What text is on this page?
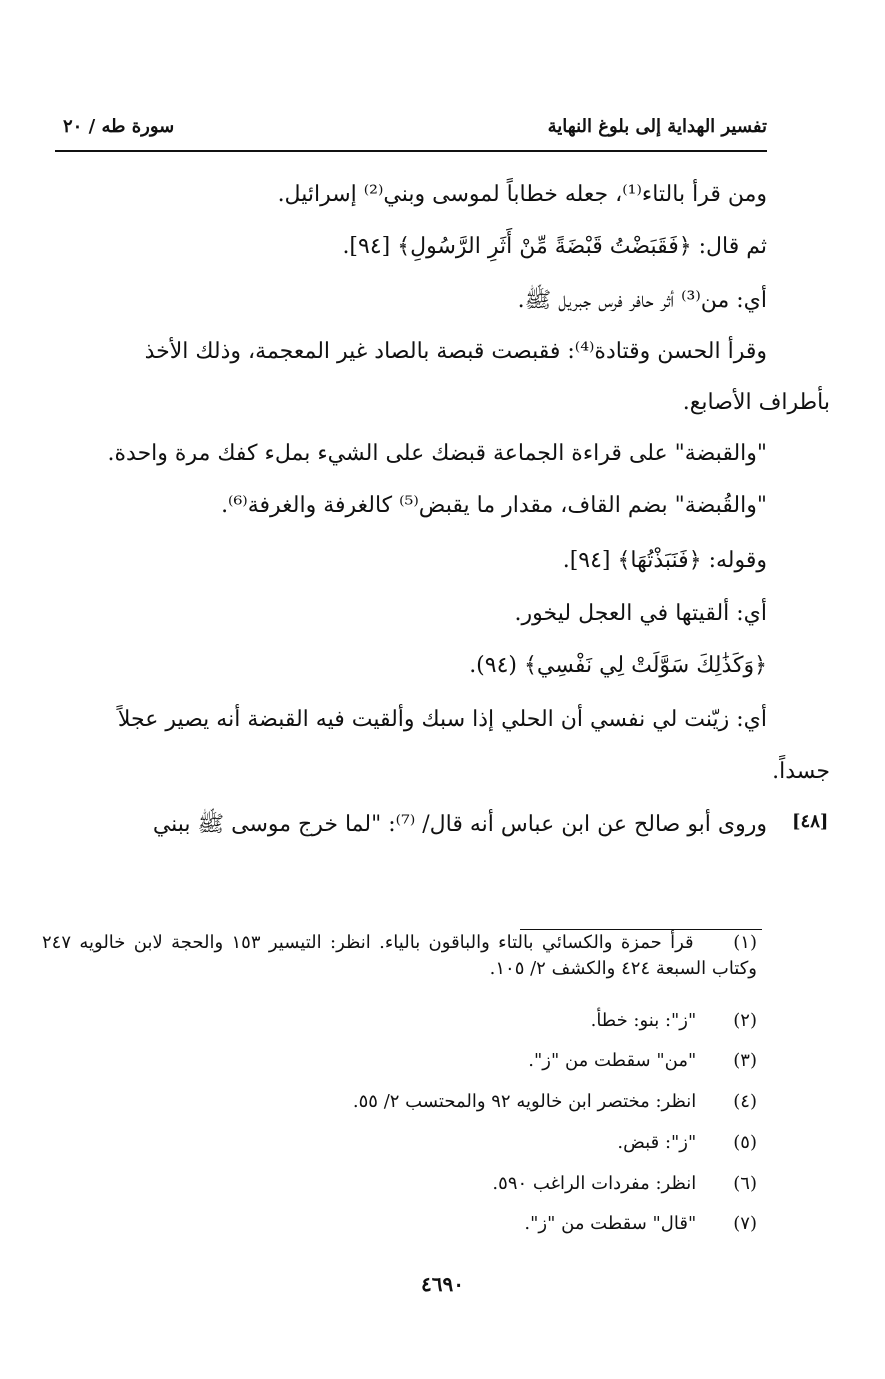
تفسير الهداية إلى بلوغ النهاية
سورة طه / ٢٠
ومن قرأ بالتاء⁽¹⁾، جعله خطاباً لموسى وبني⁽²⁾ إسرائيل.
ثم قال: ﴿فَقَبَضْتُ قَبْضَةً مِّنْ أَثَرِ الرَّسُولِ﴾ [٩٤].
أي: من⁽³⁾ أثر حافر فرس جبريل ﷺ.
وقرأ الحسن وقتادة⁽⁴⁾: فقبصت قبصة بالصاد غير المعجمة، وذلك الأخذ
بأطراف الأصابع.
"والقبضة" على قراءة الجماعة قبضك على الشيء بملء كفك مرة واحدة.
"والقُبضة" بضم القاف، مقدار ما يقبض⁽⁵⁾ كالغرفة والغرفة⁽⁶⁾.
وقوله: ﴿فَنَبَذْتُهَا﴾ [٩٤].
أي: ألقيتها في العجل ليخور.
﴿وَكَذَٰلِكَ سَوَّلَتْ لِي نَفْسِي﴾ (٩٤).
أي: زيّنت لي نفسي أن الحلي إذا سبك وألقيت فيه القبضة أنه يصير عجلاً
جسداً.
وروى أبو صالح عن ابن عباس أنه قال/ ⁽⁷⁾: "لما خرج موسى ﷺ ببني [٤٨]
(١) قرأ حمزة والكسائي بالتاء والباقون بالياء. انظر: التيسير ١٥٣ والحجة لابن خالويه ٢٤٧ وكتاب السبعة ٤٢٤ والكشف ٢/ ١٠٥.
(٢) "ز": بنو: خطأ.
(٣) "من" سقطت من "ز".
(٤) انظر: مختصر ابن خالويه ٩٢ والمحتسب ٢/ ٥٥.
(٥) "ز": قبض.
(٦) انظر: مفردات الراغب ٥٩٠.
(٧) "قال" سقطت من "ز".
٤٦٩٠
